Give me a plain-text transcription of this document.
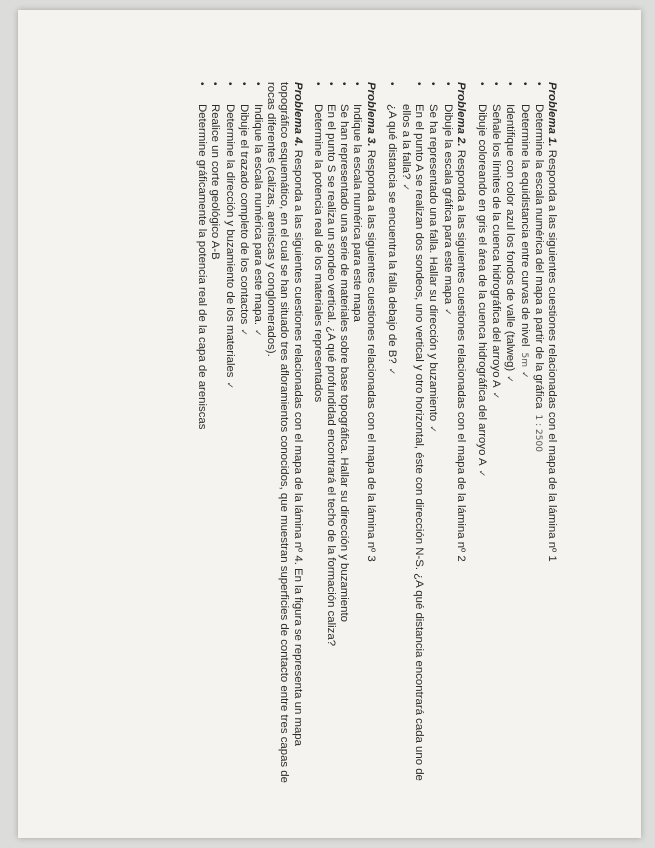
Problema 1. Responda a las siguientes cuestiones relacionadas con el mapa de la lámina nº 1

• Determine la escala numérica del mapa a partir de la gráfica1 : 2500
• Determine la equidistancia entre curvas de nivel5m✓
• Identifique con color azul los fondos de valle (talweg)✓
• Señale los límites de la cuenca hidrográfica del arroyo A✓
• Dibuje coloreando en gris el área de la cuenca hidrográfica del arroyo A✓

Problema 2. Responda a las siguientes cuestiones relacionadas con el mapa de la lámina nº 2

• Dibuje la escala gráfica para este mapa✓
• Se ha representado una falla. Hallar su dirección y buzamiento✓
• En el punto A se realizan dos sondeos, uno vertical y otro horizontal, éste con dirección N-S. ¿A qué distancia encontrará cada uno de ellos a la falla?✓
• ¿A qué distancia se encuentra la falla debajo de B?✓

Problema 3. Responda a las siguientes cuestiones relacionadas con el mapa de la lámina nº 3

• Indique la escala numérica para este mapa
• Se han representado una serie de materiales sobre base topográfica. Hallar su dirección y buzamiento
• En el punto S se realiza un sondeo vertical. ¿A qué profundidad encontrará el techo de la formación caliza?
• Determine la potencia real de los materiales representados

Problema 4. Responda a las siguientes cuestiones relacionadas con el mapa de la lámina nº 4. En la figura se representa un mapa topográfico esquemático, en el cual se han situado tres afloramientos conocidos, que muestran superficies de contacto entre tres capas de rocas diferentes (calizas, areniscas y conglomerados).

• Indique la escala numérica para este mapa.✓
• Dibuje el trazado completo de los contactos✓
• Determine la dirección y buzamiento de los materiales✓
• Realice un corte geológico A-B
• Determine gráficamente la potencia real de la capa de areniscas
